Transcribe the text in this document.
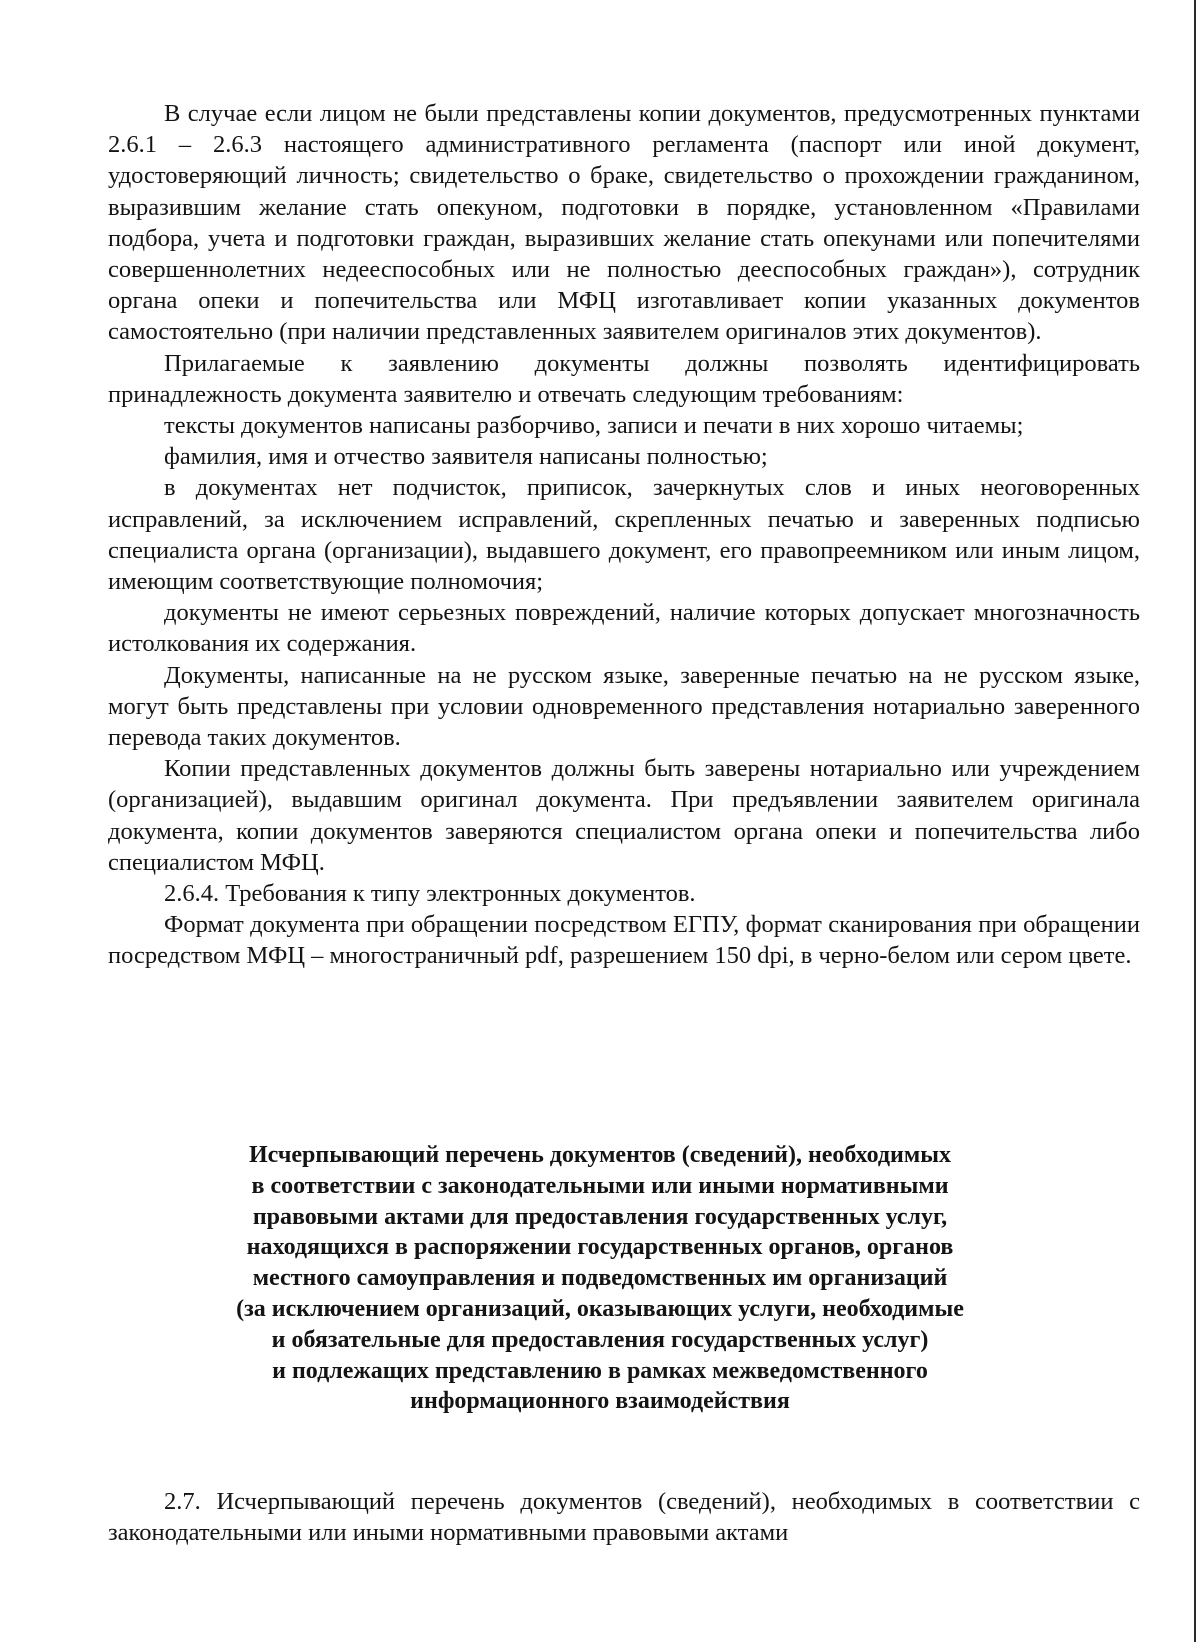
В случае если лицом не были представлены копии документов, предусмотренных пунктами 2.6.1 – 2.6.3 настоящего административного регламента (паспорт или иной документ, удостоверяющий личность; свидетельство о браке, свидетельство о прохождении гражданином, выразившим желание стать опекуном, подготовки в порядке, установленном «Правилами подбора, учета и подготовки граждан, выразивших желание стать опекунами или попечителями совершеннолетних недееспособных или не полностью дееспособных граждан»), сотрудник органа опеки и попечительства или МФЦ изготавливает копии указанных документов самостоятельно (при наличии представленных заявителем оригиналов этих документов).

Прилагаемые к заявлению документы должны позволять идентифицировать принадлежность документа заявителю и отвечать следующим требованиям:

тексты документов написаны разборчиво, записи и печати в них хорошо читаемы;

фамилия, имя и отчество заявителя написаны полностью;

в документах нет подчисток, приписок, зачеркнутых слов и иных неоговоренных исправлений, за исключением исправлений, скрепленных печатью и заверенных подписью специалиста органа (организации), выдавшего документ, его правопреемником или иным лицом, имеющим соответствующие полномочия;

документы не имеют серьезных повреждений, наличие которых допускает многозначность истолкования их содержания.

Документы, написанные на не русском языке, заверенные печатью на не русском языке, могут быть представлены при условии одновременного представления нотариально заверенного перевода таких документов.

Копии представленных документов должны быть заверены нотариально или учреждением (организацией), выдавшим оригинал документа. При предъявлении заявителем оригинала документа, копии документов заверяются специалистом органа опеки и попечительства либо специалистом МФЦ.

2.6.4. Требования к типу электронных документов.

Формат документа при обращении посредством ЕГПУ, формат сканирования при обращении посредством МФЦ – многостраничный pdf, разрешением 150 dpi, в черно-белом или сером цвете.

Исчерпывающий перечень документов (сведений), необходимых
в соответствии с законодательными или иными нормативными
правовыми актами для предоставления государственных услуг,
находящихся в распоряжении государственных органов, органов
местного самоуправления и подведомственных им организаций
(за исключением организаций, оказывающих услуги, необходимые
и обязательные для предоставления государственных услуг)
и подлежащих представлению в рамках межведомственного
информационного взаимодействия

2.7. Исчерпывающий перечень документов (сведений), необходимых в соответствии с законодательными или иными нормативными правовыми актами
